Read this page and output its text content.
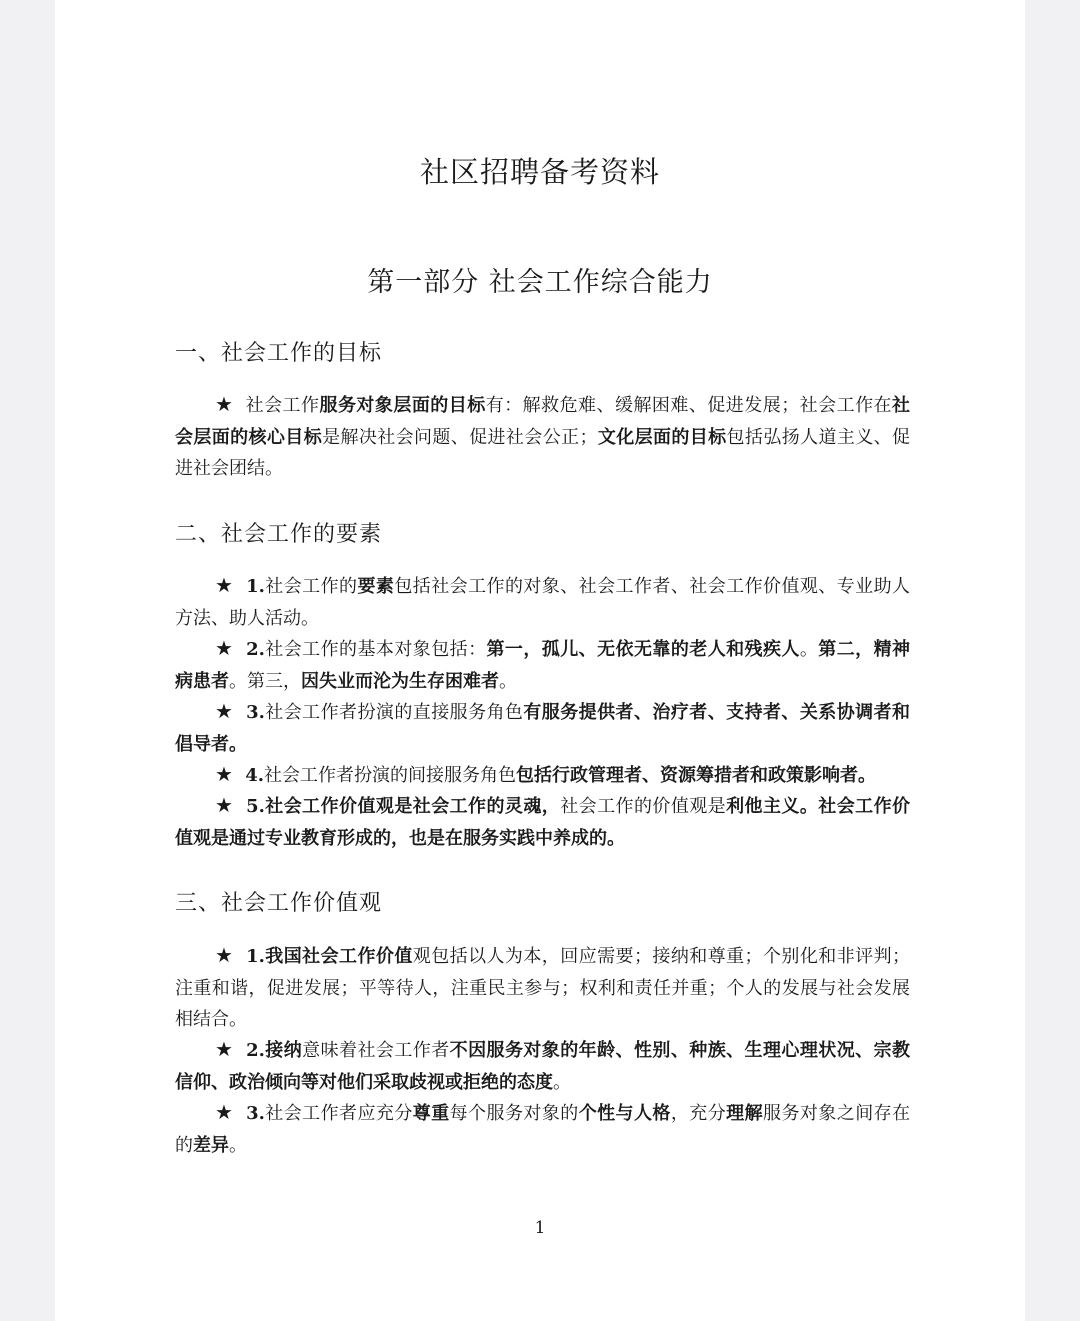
社区招聘备考资料
第一部分 社会工作综合能力
一、社会工作的目标
★ 社会工作服务对象层面的目标有：解救危难、缓解困难、促进发展；社会工作在社会层面的核心目标是解决社会问题、促进社会公正；文化层面的目标包括弘扬人道主义、促进社会团结。
二、社会工作的要素
★ 1.社会工作的要素包括社会工作的对象、社会工作者、社会工作价值观、专业助人方法、助人活动。
★ 2.社会工作的基本对象包括：第一，孤儿、无依无靠的老人和残疾人。第二，精神病患者。第三，因失业而沦为生存困难者。
★ 3.社会工作者扮演的直接服务角色有服务提供者、治疗者、支持者、关系协调者和倡导者。
★ 4.社会工作者扮演的间接服务角色包括行政管理者、资源筹措者和政策影响者。
★ 5.社会工作价值观是社会工作的灵魂，社会工作的价值观是利他主义。社会工作价值观是通过专业教育形成的，也是在服务实践中养成的。
三、社会工作价值观
★ 1.我国社会工作价值观包括以人为本，回应需要；接纳和尊重；个别化和非评判；注重和谐，促进发展；平等待人，注重民主参与；权利和责任并重；个人的发展与社会发展相结合。
★ 2.接纳意味着社会工作者不因服务对象的年龄、性别、种族、生理心理状况、宗教信仰、政治倾向等对他们采取歧视或拒绝的态度。
★ 3.社会工作者应充分尊重每个服务对象的个性与人格，充分理解服务对象之间存在的差异。
1
